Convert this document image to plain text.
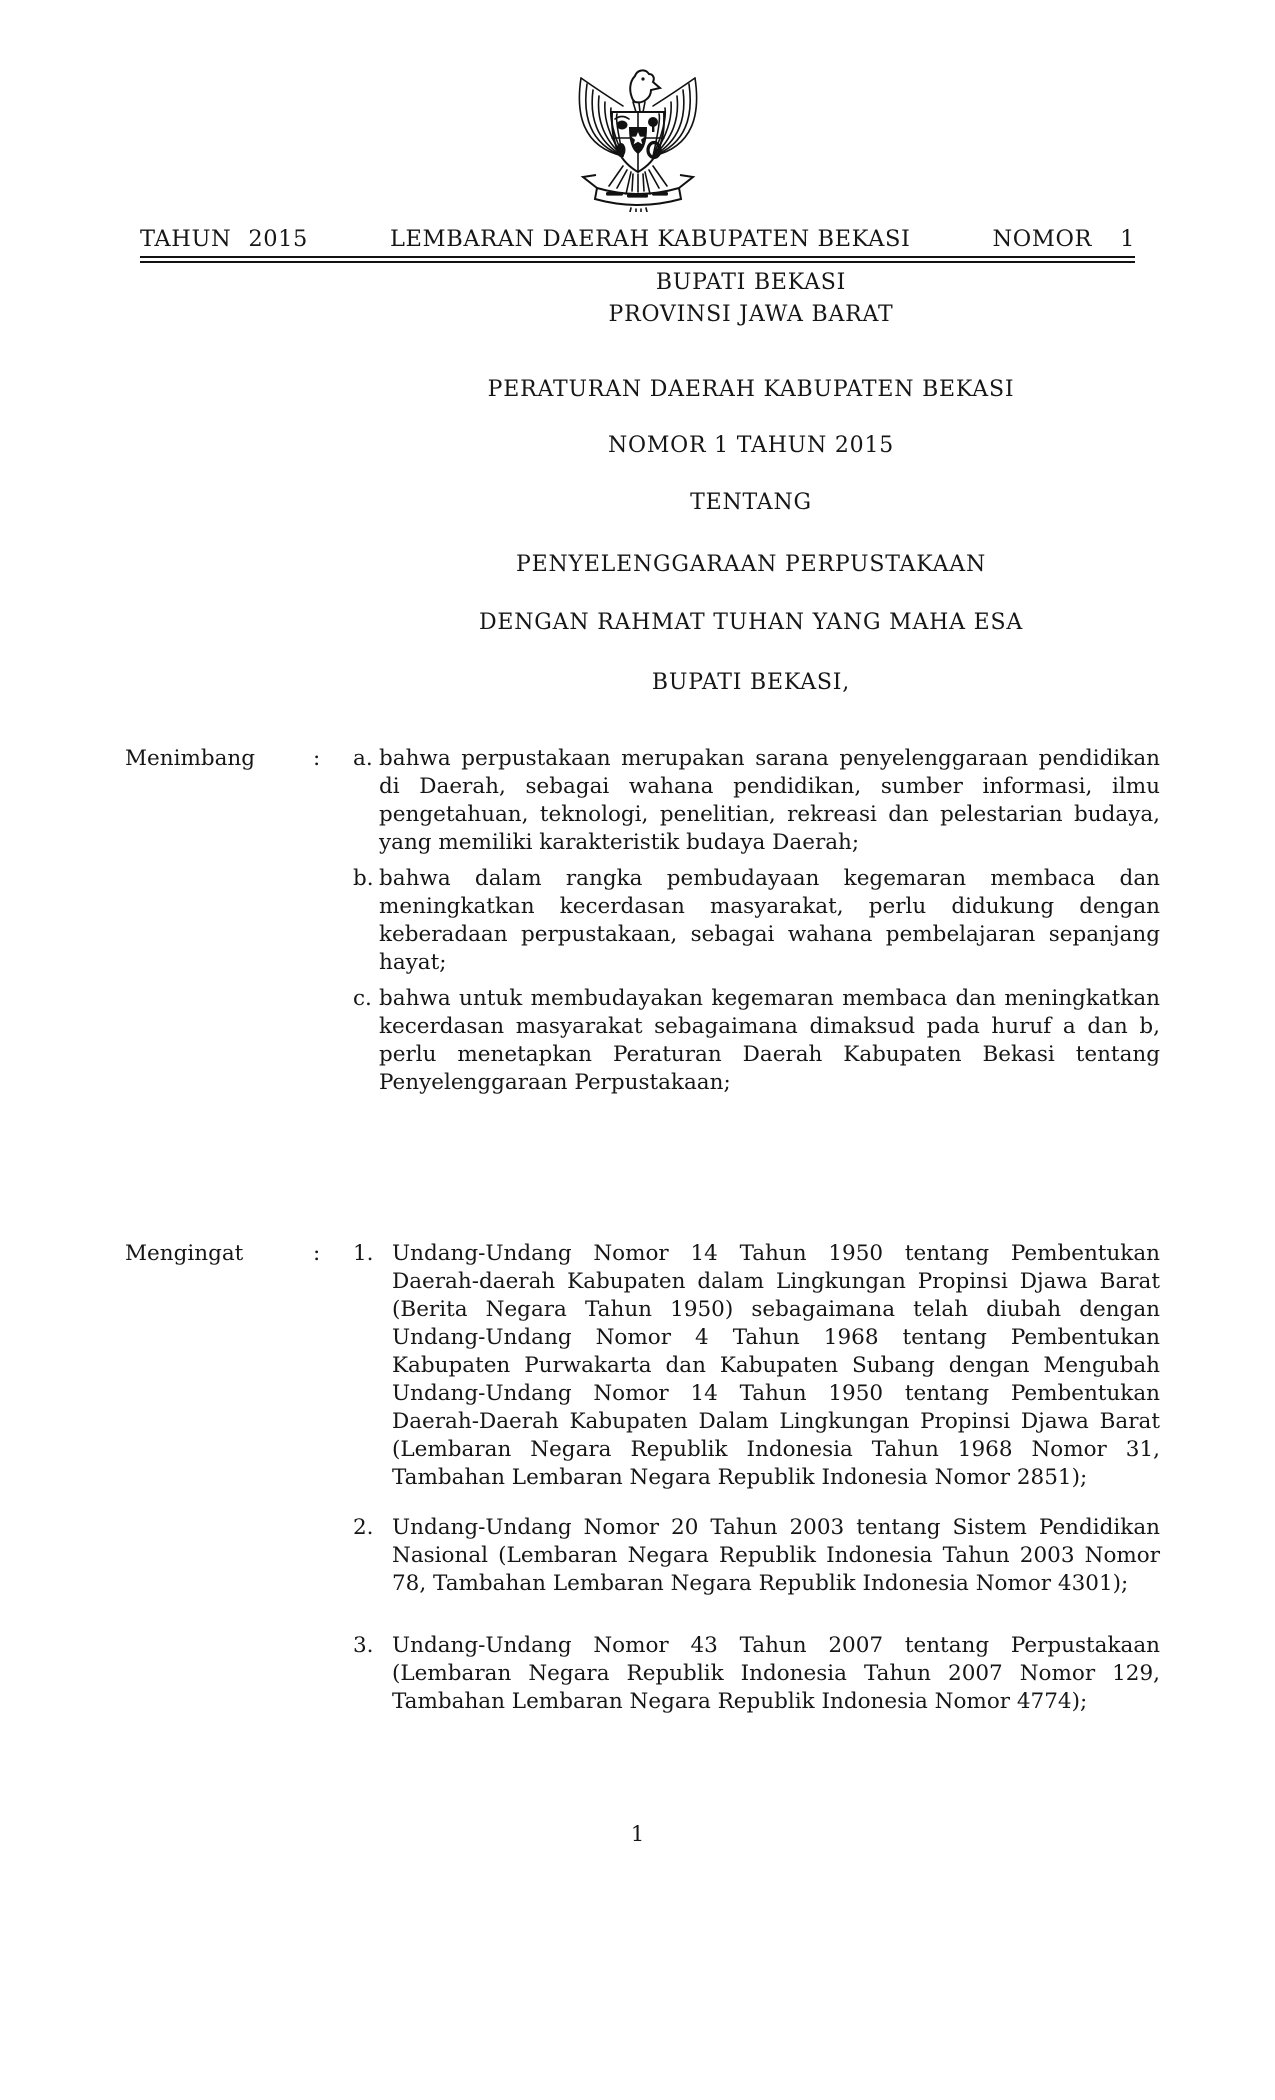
TAHUN 2015	LEMBARAN DAERAH KABUPATEN BEKASI	NOMOR 1
BUPATI BEKASI
PROVINSI JAWA BARAT
PERATURAN DAERAH KABUPATEN BEKASI
NOMOR 1 TAHUN 2015
TENTANG
PENYELENGGARAAN PERPUSTAKAAN
DENGAN RAHMAT TUHAN YANG MAHA ESA
BUPATI BEKASI,
Menimbang	:	a. bahwa perpustakaan merupakan sarana penyelenggaraan pendidikan di Daerah, sebagai wahana pendidikan, sumber informasi, ilmu pengetahuan, teknologi, penelitian, rekreasi dan pelestarian budaya, yang memiliki karakteristik budaya Daerah;
b. bahwa dalam rangka pembudayaan kegemaran membaca dan meningkatkan kecerdasan masyarakat, perlu didukung dengan keberadaan perpustakaan, sebagai wahana pembelajaran sepanjang hayat;
c. bahwa untuk membudayakan kegemaran membaca dan meningkatkan kecerdasan masyarakat sebagaimana dimaksud pada huruf a dan b, perlu menetapkan Peraturan Daerah Kabupaten Bekasi tentang Penyelenggaraan Perpustakaan;
Mengingat	:	1. Undang-Undang Nomor 14 Tahun 1950 tentang Pembentukan Daerah-daerah Kabupaten dalam Lingkungan Propinsi Djawa Barat (Berita Negara Tahun 1950) sebagaimana telah diubah dengan Undang-Undang Nomor 4 Tahun 1968 tentang Pembentukan Kabupaten Purwakarta dan Kabupaten Subang dengan Mengubah Undang-Undang Nomor 14 Tahun 1950 tentang Pembentukan Daerah-Daerah Kabupaten Dalam Lingkungan Propinsi Djawa Barat (Lembaran Negara Republik Indonesia Tahun 1968 Nomor 31, Tambahan Lembaran Negara Republik Indonesia Nomor 2851);
2. Undang-Undang Nomor 20 Tahun 2003 tentang Sistem Pendidikan Nasional (Lembaran Negara Republik Indonesia Tahun 2003 Nomor 78, Tambahan Lembaran Negara Republik Indonesia Nomor 4301);
3. Undang-Undang Nomor 43 Tahun 2007 tentang Perpustakaan (Lembaran Negara Republik Indonesia Tahun 2007 Nomor 129, Tambahan Lembaran Negara Republik Indonesia Nomor 4774);
1
